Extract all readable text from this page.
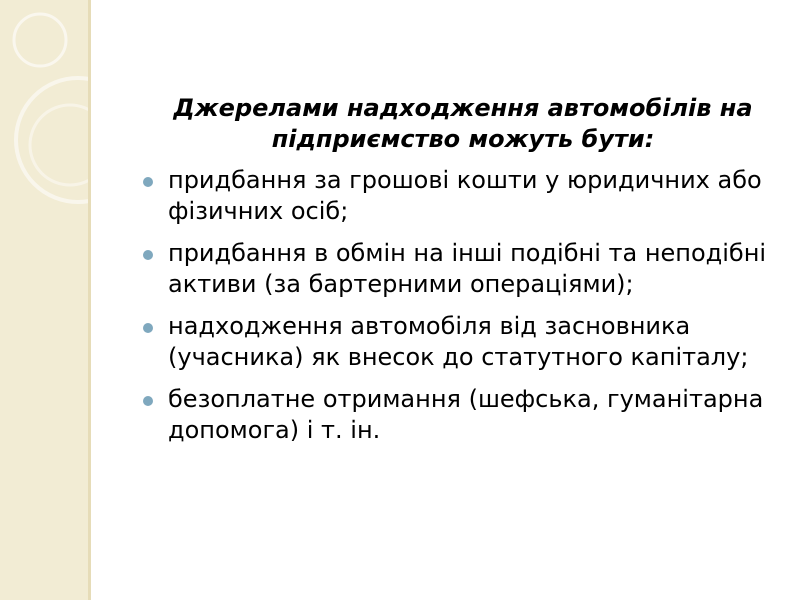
Джерелами надходження автомобілів на підприємство можуть бути:

придбання за грошові кошти у юридичних або фізичних осіб;
придбання в обмін на інші подібні та неподібні активи (за бартерними операціями);
надходження автомобіля від засновника (учасника) як внесок до статутного капіталу;
безоплатне отримання (шефська, гуманітарна допомога) і т. ін.
